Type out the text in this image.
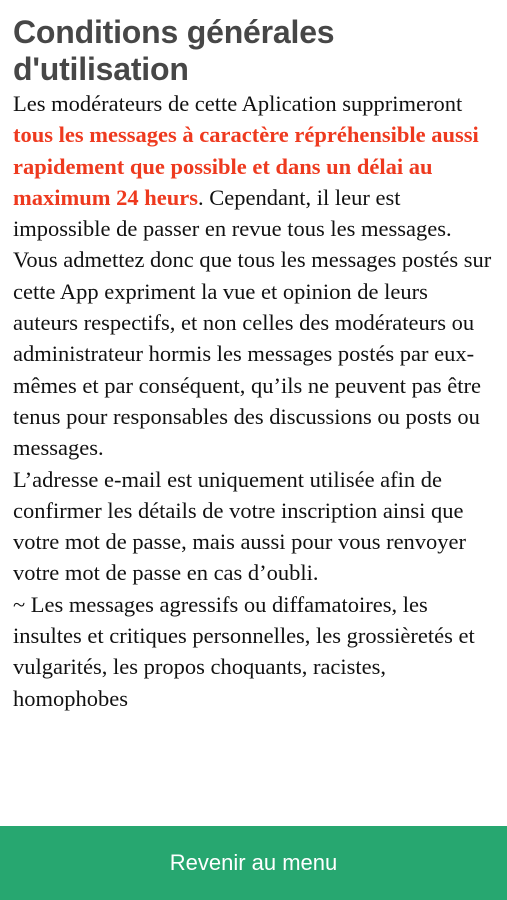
Conditions générales
d'utilisation

Les modérateurs de cette Aplication supprimeront tous les messages à caractère répréhensible aussi rapidement que possible et dans un délai au maximum 24 heurs. Cependant, il leur est impossible de passer en revue tous les messages. Vous admettez donc que tous les messages postés sur cette App expriment la vue et opinion de leurs auteurs respectifs, et non celles des modérateurs ou administrateur hormis les messages postés par eux-mêmes et par conséquent, qu’ils ne peuvent pas être tenus pour responsables des discussions ou posts ou messages.

L’adresse e-mail est uniquement utilisée afin de confirmer les détails de votre inscription ainsi que votre mot de passe, mais aussi pour vous renvoyer votre mot de passe en cas d’oubli.

~ Les messages agressifs ou diffamatoires, les insultes et critiques personnelles, les grossièretés et vulgarités, les propos choquants, racistes, homophobes

Revenir au menu
